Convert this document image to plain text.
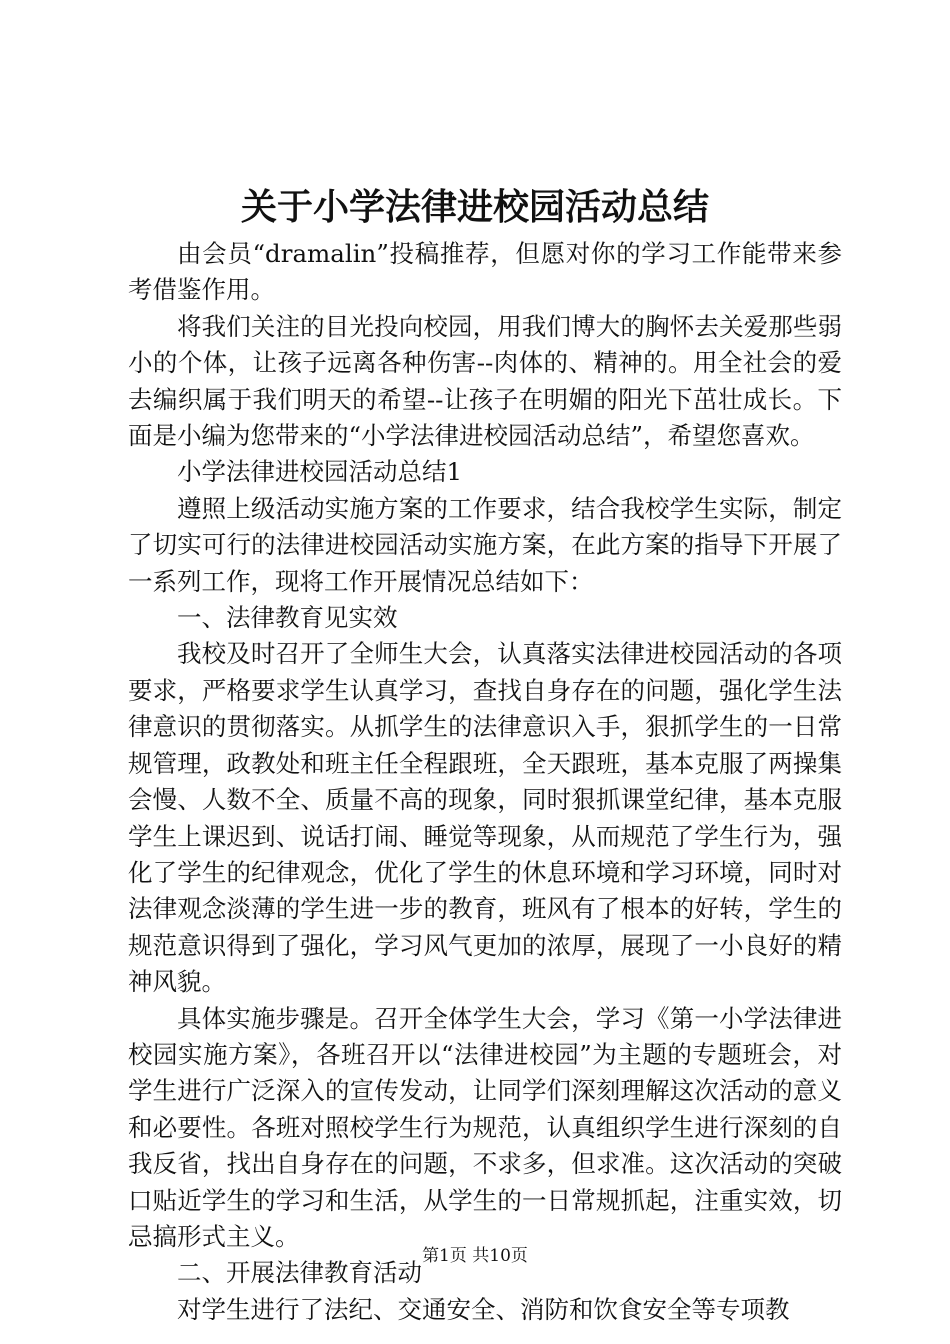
关于小学法律进校园活动总结

由会员“dramalin”投稿推荐，但愿对你的学习工作能带来参考借鉴作用。

将我们关注的目光投向校园，用我们博大的胸怀去关爱那些弱小的个体，让孩子远离各种伤害--肉体的、精神的。用全社会的爱去编织属于我们明天的希望--让孩子在明媚的阳光下茁壮成长。下面是小编为您带来的“小学法律进校园活动总结”，希望您喜欢。

小学法律进校园活动总结1

遵照上级活动实施方案的工作要求，结合我校学生实际，制定了切实可行的法律进校园活动实施方案，在此方案的指导下开展了一系列工作，现将工作开展情况总结如下：

一、法律教育见实效

我校及时召开了全师生大会，认真落实法律进校园活动的各项要求，严格要求学生认真学习，查找自身存在的问题，强化学生法律意识的贯彻落实。从抓学生的法律意识入手，狠抓学生的一日常规管理，政教处和班主任全程跟班，全天跟班，基本克服了两操集会慢、人数不全、质量不高的现象，同时狠抓课堂纪律，基本克服学生上课迟到、说话打闹、睡觉等现象，从而规范了学生行为，强化了学生的纪律观念，优化了学生的休息环境和学习环境，同时对法律观念淡薄的学生进一步的教育，班风有了根本的好转，学生的规范意识得到了强化，学习风气更加的浓厚，展现了一小良好的精神风貌。

具体实施步骤是。召开全体学生大会，学习《第一小学法律进校园实施方案》，各班召开以“法律进校园”为主题的专题班会，对学生进行广泛深入的宣传发动，让同学们深刻理解这次活动的意义和必要性。各班对照校学生行为规范，认真组织学生进行深刻的自我反省，找出自身存在的问题，不求多，但求准。这次活动的突破口贴近学生的学习和生活，从学生的一日常规抓起，注重实效，切忌搞形式主义。

二、开展法律教育活动

对学生进行了法纪、交通安全、消防和饮食安全等专项教

第1页 共10页
